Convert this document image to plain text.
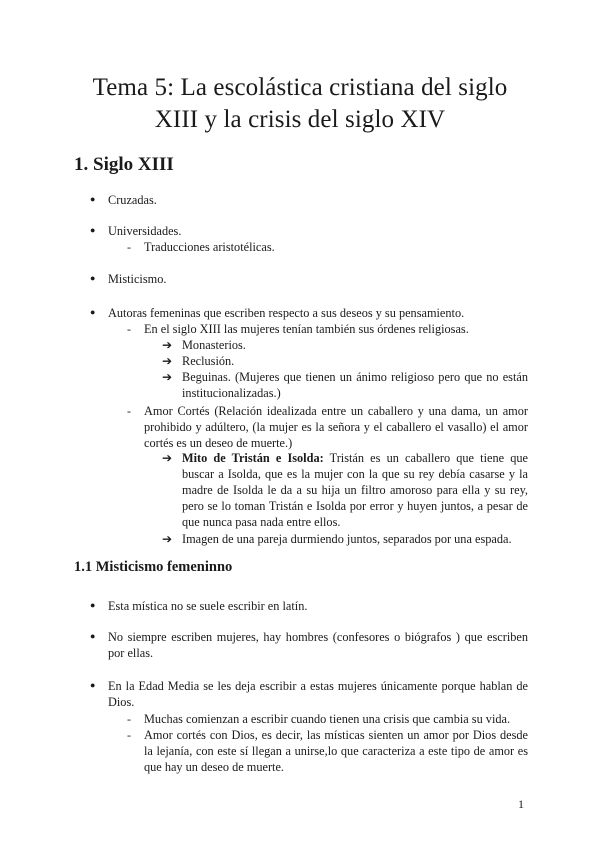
Tema 5: La escolástica cristiana del siglo
XIII y la crisis del siglo XIV
1. Siglo XIII
● Cruzadas.
● Universidades.
- Traducciones aristotélicas.
● Misticismo.
● Autoras femeninas que escriben respecto a sus deseos y su pensamiento.
- En el siglo XIII las mujeres tenían también sus órdenes religiosas.
➔ Monasterios.
➔ Reclusión.
➔ Beguinas. (Mujeres que tienen un ánimo religioso pero que no están institucionalizadas.)
- Amor Cortés (Relación idealizada entre un caballero y una dama, un amor prohibido y adúltero, (la mujer es la señora y el caballero el vasallo) el amor cortés es un deseo de muerte.)
➔ Mito de Tristán e Isolda: Tristán es un caballero que tiene que buscar a Isolda, que es la mujer con la que su rey debía casarse y la madre de Isolda le da a su hija un filtro amoroso para ella y su rey, pero se lo toman Tristán e Isolda por error y huyen juntos, a pesar de que nunca pasa nada entre ellos.
➔ Imagen de una pareja durmiendo juntos, separados por una espada.
1.1 Misticismo femeninno
● Esta mística no se suele escribir en latín.
● No siempre escriben mujeres, hay hombres (confesores o biógrafos ) que escriben por ellas.
● En la Edad Media se les deja escribir a estas mujeres únicamente porque hablan de Dios.
- Muchas comienzan a escribir cuando tienen una crisis que cambia su vida.
- Amor cortés con Dios, es decir, las místicas sienten un amor por Dios desde la lejanía, con este sí llegan a unirse,lo que caracteriza a este tipo de amor es que hay un deseo de muerte.
1
